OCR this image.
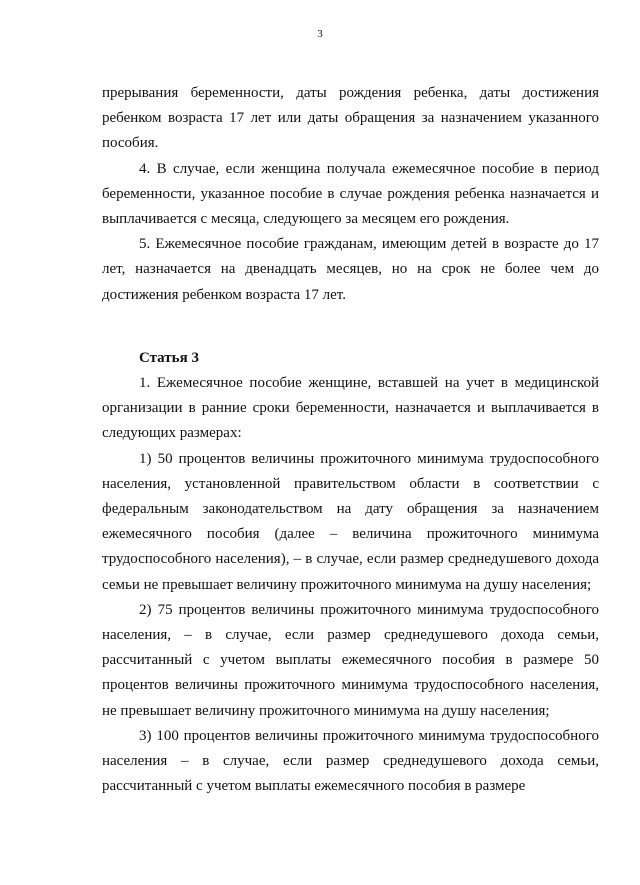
3

прерывания беременности, даты рождения ребенка, даты достижения ребенком возраста 17 лет или даты обращения за назначением указанного пособия.

4. В случае, если женщина получала ежемесячное пособие в период беременности, указанное пособие в случае рождения ребенка назначается и выплачивается с месяца, следующего за месяцем его рождения.

5. Ежемесячное пособие гражданам, имеющим детей в возрасте до 17 лет, назначается на двенадцать месяцев, но на срок не более чем до достижения ребенком возраста 17 лет.

Статья 3

1. Ежемесячное пособие женщине, вставшей на учет в медицинской организации в ранние сроки беременности, назначается и выплачивается в следующих размерах:

1) 50 процентов величины прожиточного минимума трудоспособного населения, установленной правительством области в соответствии с федеральным законодательством на дату обращения за назначением ежемесячного пособия (далее – величина прожиточного минимума трудоспособного населения), – в случае, если размер среднедушевого дохода семьи не превышает величину прожиточного минимума на душу населения;

2) 75 процентов величины прожиточного минимума трудоспособного населения, – в случае, если размер среднедушевого дохода семьи, рассчитанный с учетом выплаты ежемесячного пособия в размере 50 процентов величины прожиточного минимума трудоспособного населения, не превышает величину прожиточного минимума на душу населения;

3) 100 процентов величины прожиточного минимума трудоспособного населения – в случае, если размер среднедушевого дохода семьи, рассчитанный с учетом выплаты ежемесячного пособия в размере
